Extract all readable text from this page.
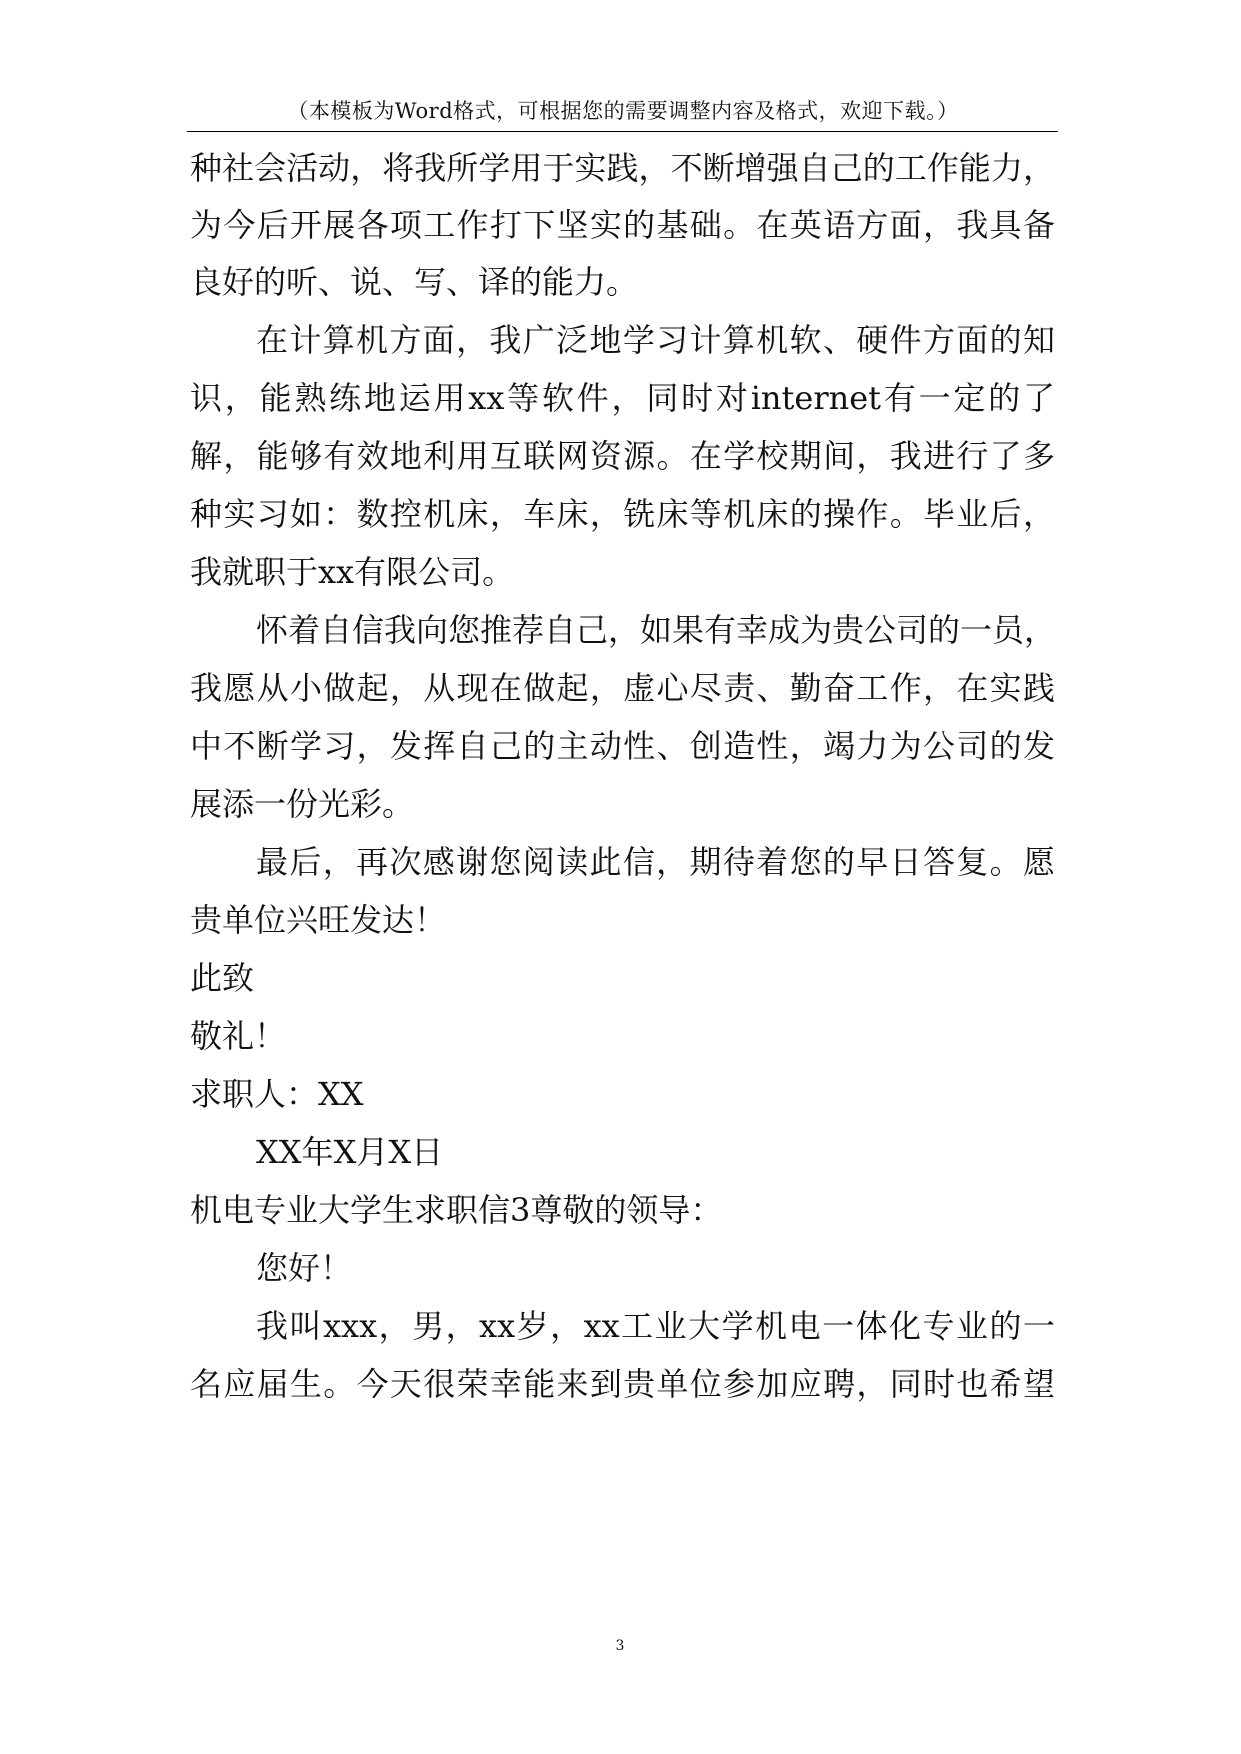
（本模板为Word格式，可根据您的需要调整内容及格式，欢迎下载。）
种社会活动，将我所学用于实践，不断增强自己的工作能力，
为今后开展各项工作打下坚实的基础。在英语方面，我具备
良好的听、说、写、译的能力。
在计算机方面，我广泛地学习计算机软、硬件方面的知
识，能熟练地运用xx等软件，同时对internet有一定的了
解，能够有效地利用互联网资源。在学校期间，我进行了多
种实习如：数控机床，车床，铣床等机床的操作。毕业后，
我就职于xx有限公司。
怀着自信我向您推荐自己，如果有幸成为贵公司的一员，
我愿从小做起，从现在做起，虚心尽责、勤奋工作，在实践
中不断学习，发挥自己的主动性、创造性，竭力为公司的发
展添一份光彩。
最后，再次感谢您阅读此信，期待着您的早日答复。愿
贵单位兴旺发达！
此致
敬礼！
求职人：XX
XX年X月X日
机电专业大学生求职信3尊敬的领导：
您好！
我叫xxx，男，xx岁，xx工业大学机电一体化专业的一
名应届生。今天很荣幸能来到贵单位参加应聘，同时也希望
3
